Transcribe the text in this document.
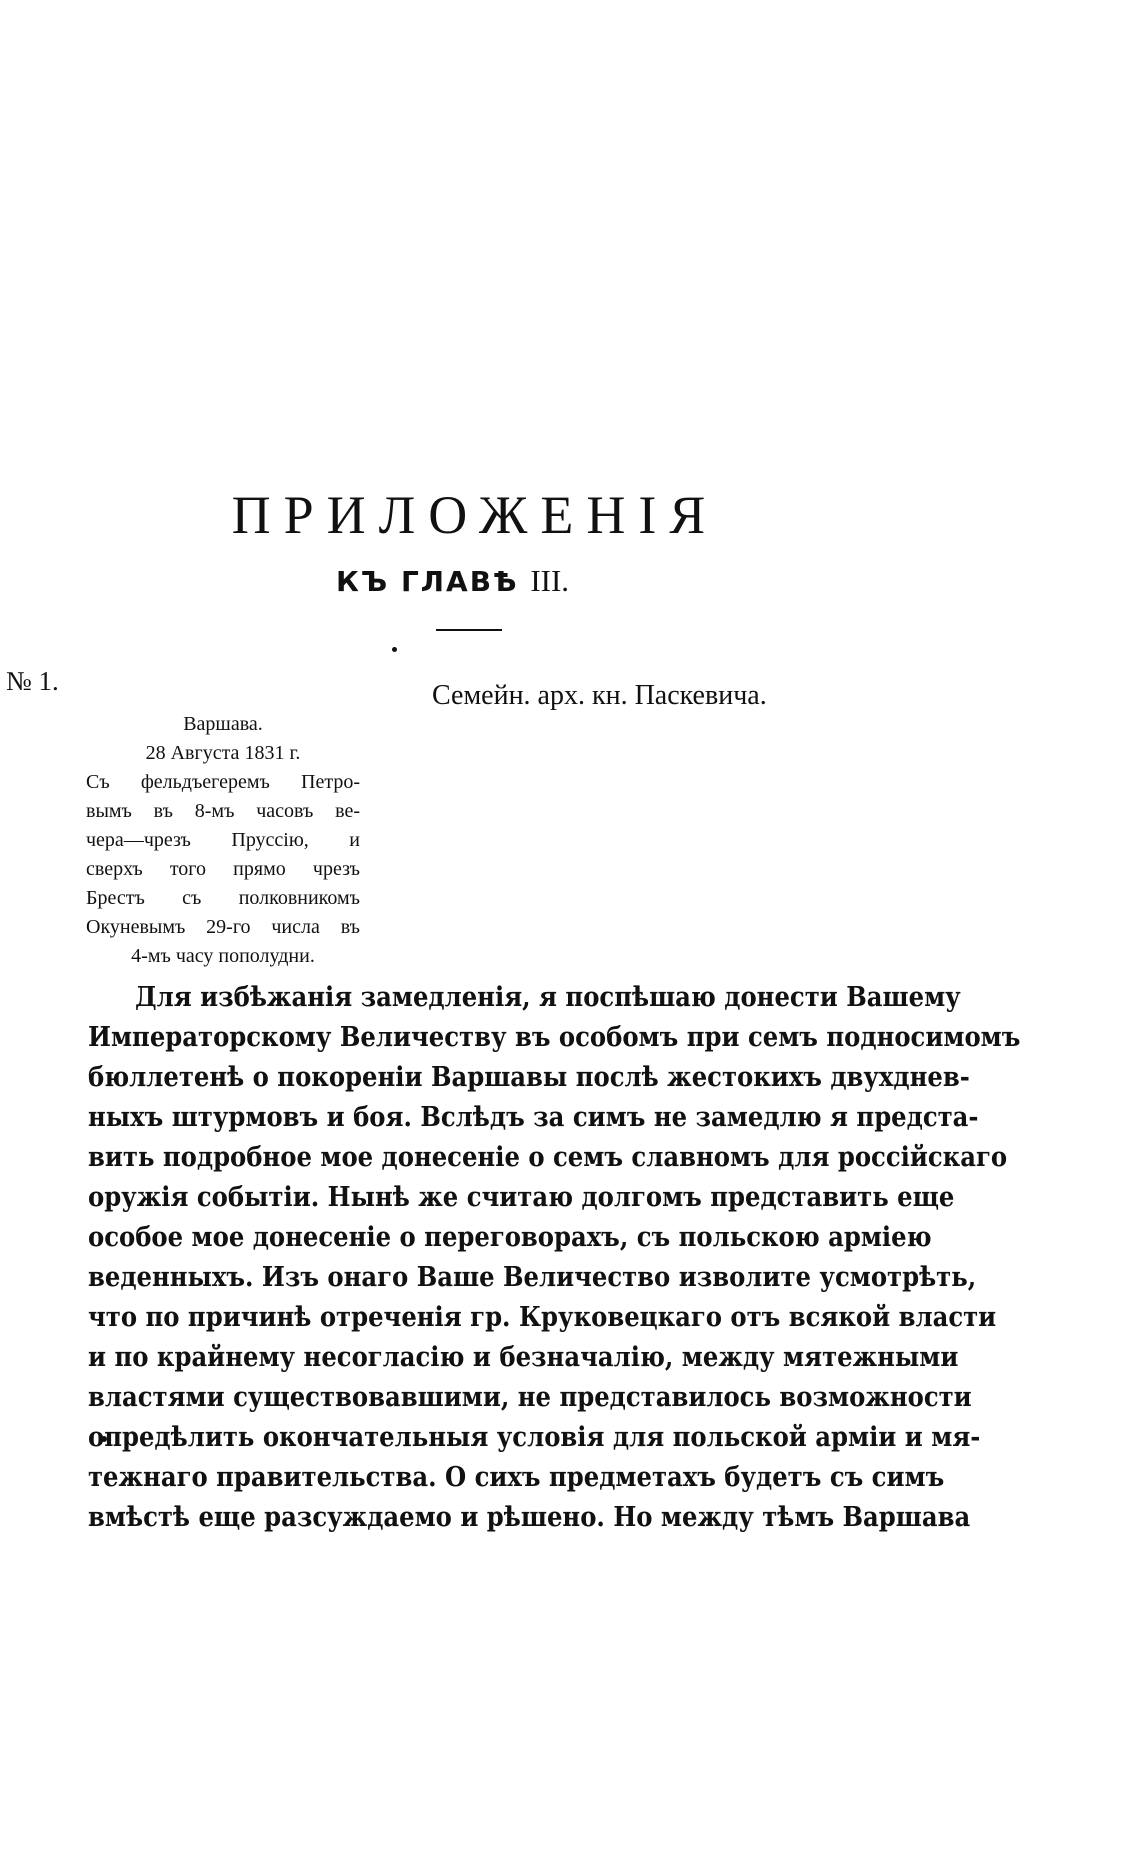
ПРИЛОЖЕНІЯ
КЪ ГЛАВѢ III.
№ 1.	Семейн. арх. кн. Паскевича.
Варшава.
28 Августа 1831 г.
Съ фельдъегеремъ Петро-
вымъ въ 8-мъ часовъ ве-
чера—чрезъ Пруссію, и
сверхъ того прямо чрезъ
Брестъ съ полковникомъ
Окуневымъ 29-го числа въ
4-мъ часу пополудни.
Для избѣжанія замедленія, я поспѣшаю донести Вашему
Императорскому Величеству въ особомъ при семъ подносимомъ
бюллетенѣ о покореніи Варшавы послѣ жестокихъ двухднев-
ныхъ штурмовъ и боя. Вслѣдъ за симъ не замедлю я предста-
вить подробное мое донесеніе о семъ славномъ для россійскаго
оружія событіи. Нынѣ же считаю долгомъ представить еще
особое мое донесеніе о переговорахъ, съ польскою арміею
веденныхъ. Изъ онаго Ваше Величество изволите усмотрѣть,
что по причинѣ отреченія гр. Круковецкаго отъ всякой власти
и по крайнему несогласію и безначалію, между мятежными
властями существовавшими, не представилось возможности
опредѣлить окончательныя условія для польской арміи и мя-
тежнаго правительства. О сихъ предметахъ будетъ съ симъ
вмѣстѣ еще разсуждаемо и рѣшено. Но между тѣмъ Варшава
